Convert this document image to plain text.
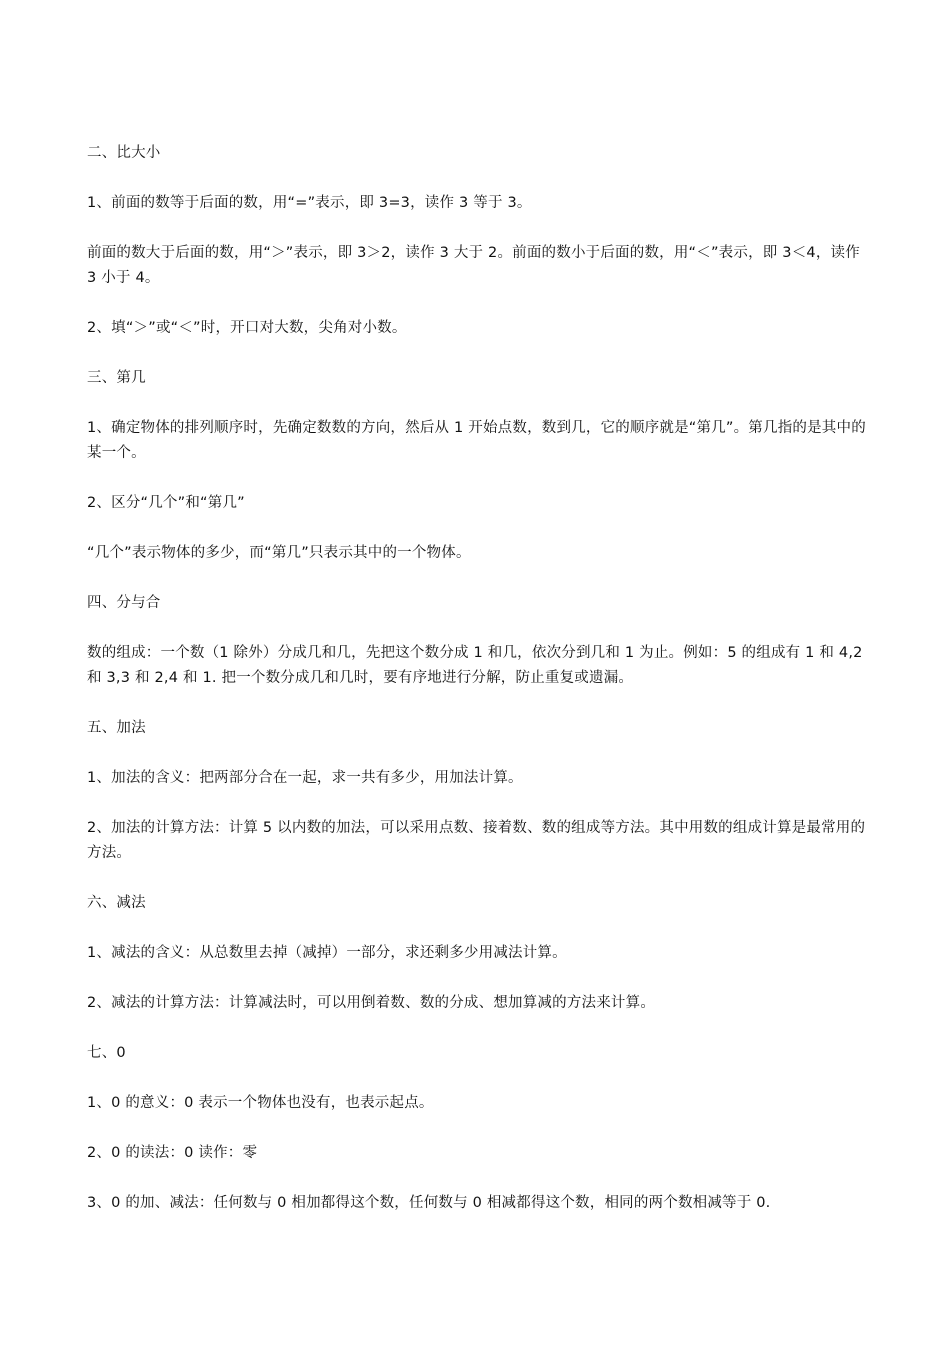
二、比大小

1、前面的数等于后面的数，用“=”表示，即 3=3，读作 3 等于 3。

前面的数大于后面的数，用“＞”表示，即 3＞2，读作 3 大于 2。前面的数小于后面的数，用“＜”表示，即 3＜4，读作 3 小于 4。

2、填“＞”或“＜”时，开口对大数，尖角对小数。

三、第几

1、确定物体的排列顺序时，先确定数数的方向，然后从 1 开始点数，数到几，它的顺序就是“第几”。第几指的是其中的某一个。

2、区分“几个”和“第几”

“几个”表示物体的多少，而“第几”只表示其中的一个物体。

四、分与合

数的组成：一个数（1 除外）分成几和几，先把这个数分成 1 和几，依次分到几和 1 为止。例如：5 的组成有 1 和 4,2 和 3,3 和 2,4 和 1. 把一个数分成几和几时，要有序地进行分解，防止重复或遗漏。

五、加法

1、加法的含义：把两部分合在一起，求一共有多少，用加法计算。

2、加法的计算方法：计算 5 以内数的加法，可以采用点数、接着数、数的组成等方法。其中用数的组成计算是最常用的方法。

六、减法

1、减法的含义：从总数里去掉（减掉）一部分，求还剩多少用减法计算。

2、减法的计算方法：计算减法时，可以用倒着数、数的分成、想加算减的方法来计算。

七、0

1、0 的意义：0 表示一个物体也没有，也表示起点。

2、0 的读法：0 读作：零

3、0 的加、减法：任何数与 0 相加都得这个数，任何数与 0 相减都得这个数，相同的两个数相减等于 0.
